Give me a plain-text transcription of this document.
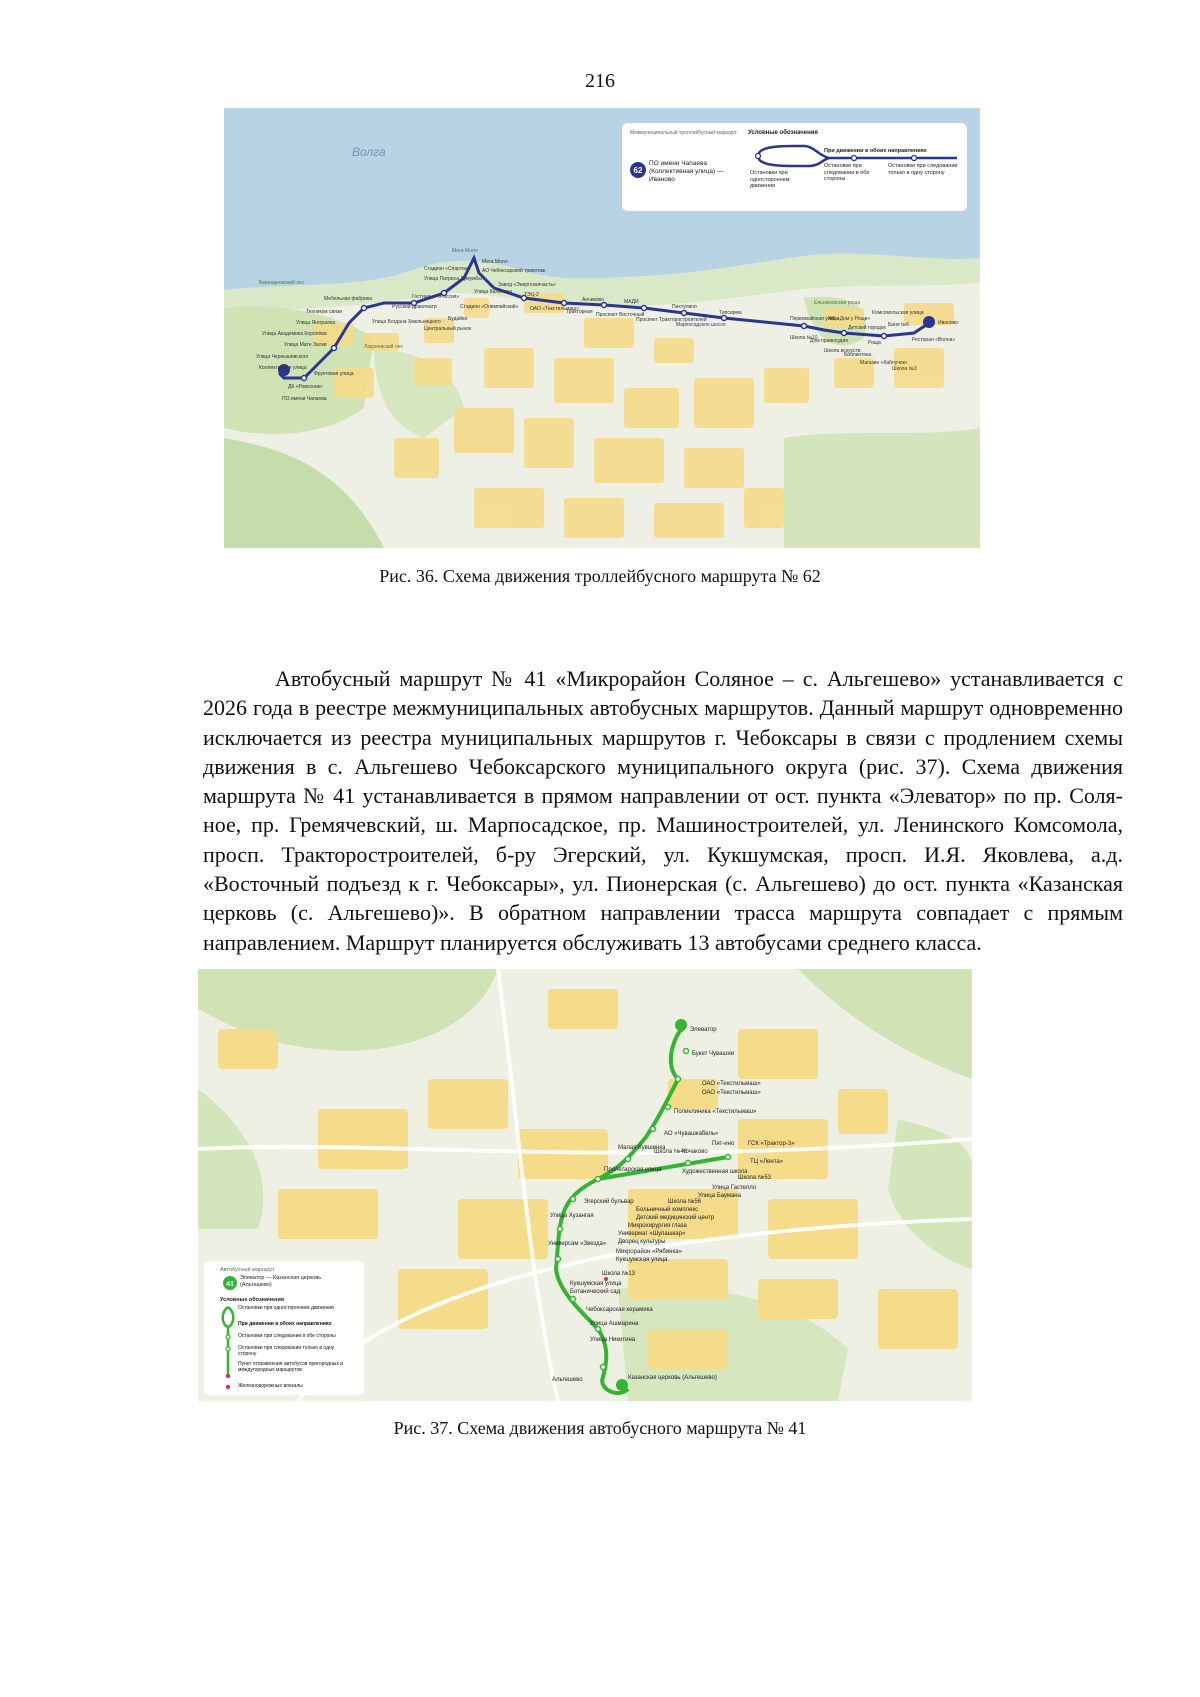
216
Волга
Берендеевский лес
Лакреевский лес
Мега Молл
Ельниковская роща
Стадион «Спартак»
Улица Патриса Лумумбы
Гостиница «Россия»
Мега Молл
АО Чебоксарский трикотаж
Завод «Энергозапчасть»
ТЭЦ-2
ОАО «Текстильмаш»
Анчиково
Тракторная
МАДИ
Проспект Восточный
Проспект Тракторостроителей
Пихтулино
Марпосадское шоссе
Типсирма
Мебельная фабрика
Техникум связи
Улица Яноушека
Улица Академика Королёва
Улица Мате Залки
Улица Чернышевского
Коллективная улица
Фруктовая улица
ДК «Ровесник»
ПО имени Чапаева
Улица Богдана Хмельницкого
Русский драмтеатр
Центральный рынок
Будайка
Стадион «Олимпийский»
Улица Калинина
Первомайская улица
ЖК «Дом у Рощи»
Детский городок
Комсомольская улица
Баня №6	Иваново
Школа №10
Дом правосудия
Школа искусств
Роща
Библиотека
Ресторан «Волна»
Магазин «Каблучок»
Школа №3
Межмуниципальный троллейбусный маршрут
62
ПО имени Чапаева (Коллективная улица) — Иваново
Условные обозначения
При движении в обоих направлениях
Остановки при одностороннем движении
Остановки при следовании в обе стороны
Остановки при следовании только в одну сторону
Рис. 36. Схема движения троллейбусного маршрута № 62

Автобусный маршрут № 41 «Микрорайон Соляное – с. Альгешево» устанавливается с 2026 года в реестре межмуниципальных автобусных маршрутов. Данный маршрут одновременно исключается из реестра муниципальных маршрутов г. Чебоксары в связи с продлением схемы движения в с. Альгешево Чебоксарского муниципального округа (рис. 37). Схема движения маршрута № 41 устанавливается в прямом направлении от ост. пункта «Элеватор» по пр. Соляное, пр. Гремячевский, ш. Марпосадское, пр. Машиностроителей, ул. Ленинского Комсомола, просп. Тракторостроителей, б-ру Эгерский, ул. Кукшумская, просп. И.Я. Яковлева, а.д. «Восточный подъезд к г. Чебоксары», ул. Пионерская (с. Альгешево) до ост. пункта «Казанская церковь (с. Альгешево)». В обратном направлении трасса маршрута совпадает с прямым направлением. Маршрут планируется обслуживать 13 автобусами среднего класса.

Элеватор
Букет Чувашии
ОАО «Текстильмаш»
ОАО «Текстильмаш»
Поликлиника «Текстильмаш»
АО «Чувашкабель»
Малая Кувшинка
Школа №46
Кочаково
Пят-ино ГСК «Трактор-3»
ТЦ «Лента»
Пролетарская улица	Художественная школа
Школа №53
Улица Гастелло
Улица Баумана
Эгерский бульвар	Школа №56
Больничный комплекс
Детский медицинский центр
Улица Хузангая
Микрохирургия глаза
Универмаг «Шупашкар»
Дворец культуры
Микрорайон «Рябинка»
Кукшумская улица
Универсам «Звезда»
Школа №13
Кукшумская улица
Ботанический сад
Чебоксарская керамика
Улица Ашмарина
Улица Никитина
Альгешево	Казанская церковь (Альгешево)
Автобусный маршрут
41
Элеватор — Казанская церковь (Альгешево)
Условные обозначения
Остановки при одностороннем движении
При движении в обоих направлениях
Остановки при следовании в обе стороны
Остановки при следовании только в одну сторону
Пункт отправления автобусов пригородных и междугородных маршрутов
Железнодорожные вокзалы
Рис. 37. Схема движения автобусного маршрута № 41
